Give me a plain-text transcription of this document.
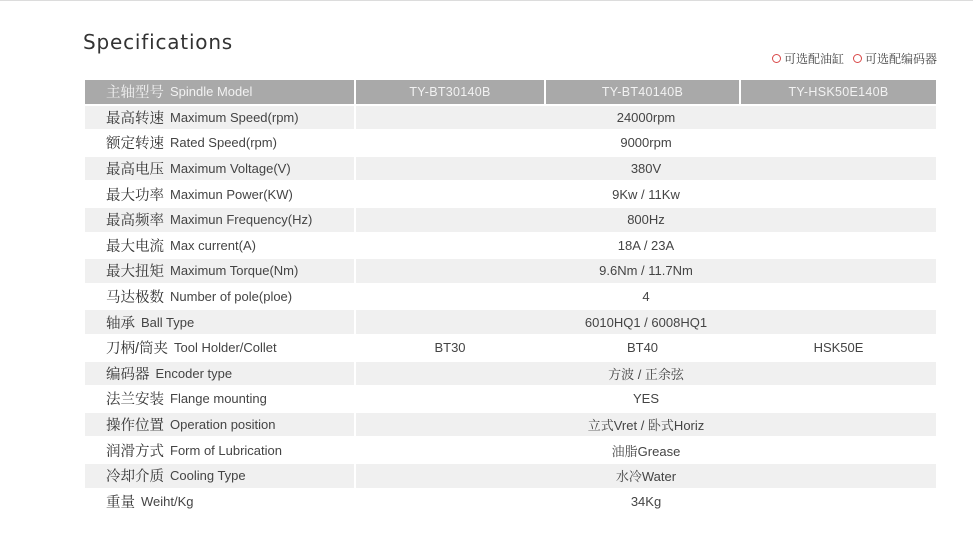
Specifications
可选配油缸 可选配编码器
主轴型号 Spindle Model	TY-BT30140B	TY-BT40140B	TY-HSK50E140B
最高转速 Maximum Speed(rpm)	24000rpm
额定转速 Rated Speed(rpm)	9000rpm
最高电压 Maximum Voltage(V)	380V
最大功率 Maximun Power(KW)	9Kw / 11Kw
最高频率 Maximun Frequency(Hz)	800Hz
最大电流 Max current(A)	18A / 23A
最大扭矩 Maximum Torque(Nm)	9.6Nm / 11.7Nm
马达极数 Number of pole(ploe)	4
轴承 Ball Type	6010HQ1 / 6008HQ1
刀柄/筒夹 Tool Holder/Collet	BT30	BT40	HSK50E
编码器 Encoder type	方波 / 正余弦
法兰安装 Flange mounting	YES
操作位置 Operation position	立式Vret / 卧式Horiz
润滑方式 Form of Lubrication	油脂Grease
冷却介质 Cooling Type	水冷Water
重量 Weiht/Kg	34Kg
